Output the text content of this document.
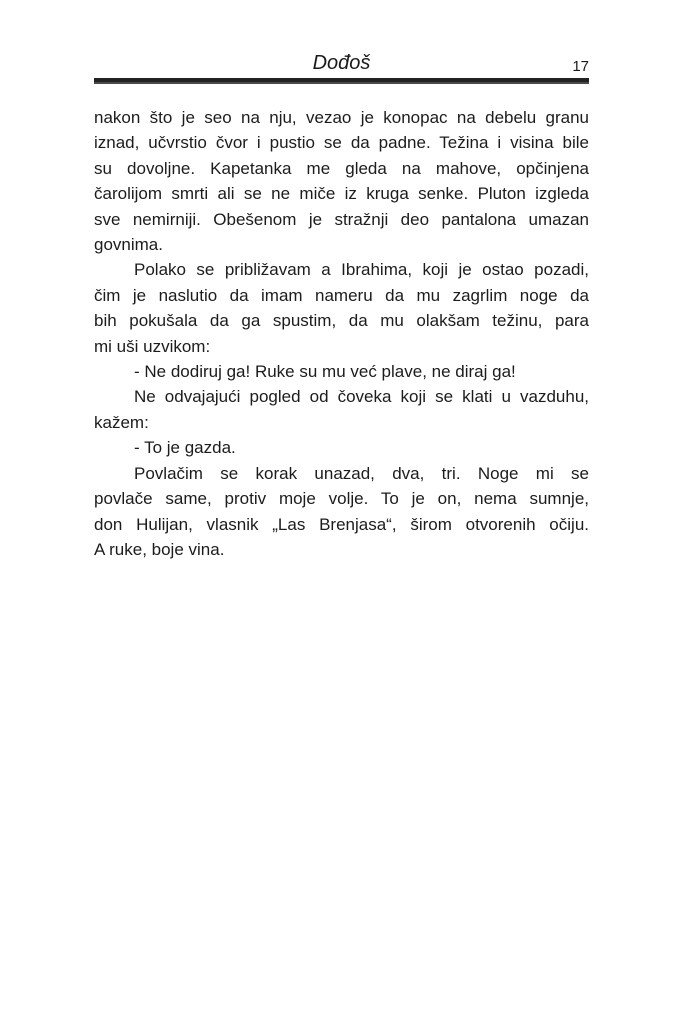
Dođoš	17
nakon što je seo na nju, vezao je konopac na debelu granu
iznad, učvrstio čvor i pustio se da padne. Težina i visina bile
su dovoljne. Kapetanka me gleda na mahove, opčinjena
čarolijom smrti ali se ne miče iz kruga senke. Pluton izgleda
sve nemirniji. Obešenom je stražnji deo pantalona umazan
govnima.
Polako se približavam a Ibrahima, koji je ostao pozadi,
čim je naslutio da imam nameru da mu zagrlim noge da
bih pokušala da ga spustim, da mu olakšam težinu, para
mi uši uzvikom:
- Ne dodiruj ga! Ruke su mu već plave, ne diraj ga!
Ne odvajajući pogled od čoveka koji se klati u vazduhu,
kažem:
- To je gazda.
Povlačim se korak unazad, dva, tri. Noge mi se
povlače same, protiv moje volje. To je on, nema sumnje,
don Hulijan, vlasnik „Las Brenjasa“, širom otvorenih očiju.
A ruke, boje vina.
